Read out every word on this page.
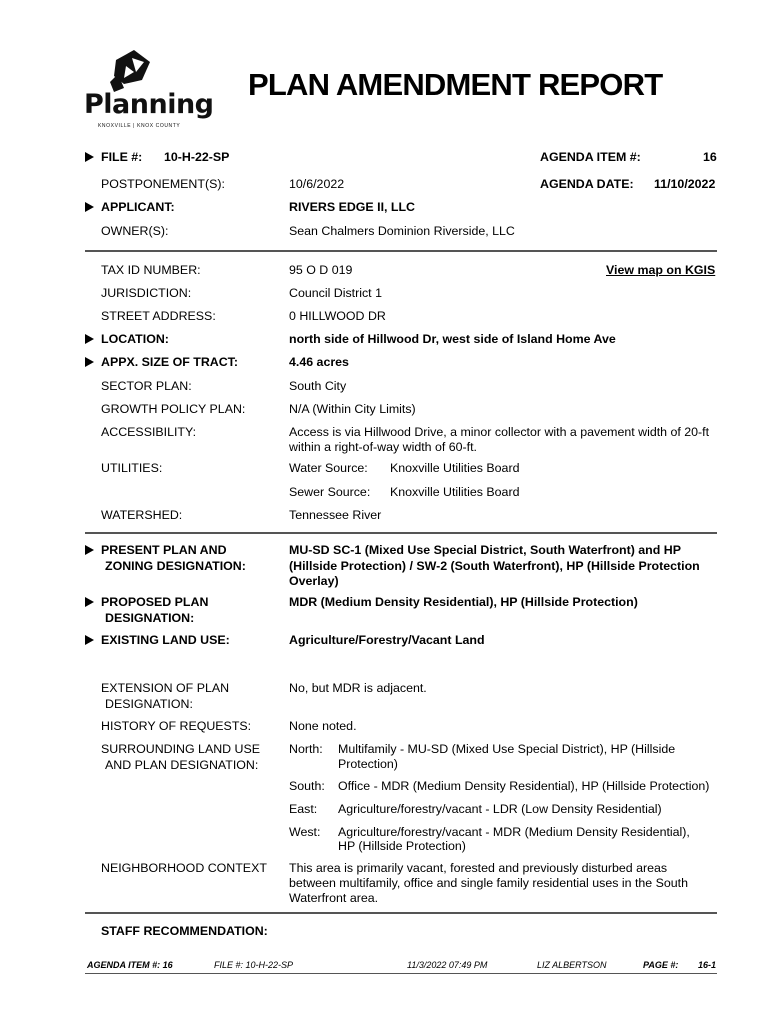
Planning
KNOXVILLE | KNOX COUNTY
PLAN AMENDMENT REPORT
FILE #: 10-H-22-SP	AGENDA ITEM #:	16
POSTPONEMENT(S):	10/6/2022	AGENDA DATE: 11/10/2022
APPLICANT:	RIVERS EDGE II, LLC
OWNER(S):	Sean Chalmers Dominion Riverside, LLC
TAX ID NUMBER:	95 O D 019	View map on KGIS
JURISDICTION:	Council District 1
STREET ADDRESS:	0 HILLWOOD DR
LOCATION:	north side of Hillwood Dr, west side of Island Home Ave
APPX. SIZE OF TRACT:	4.46 acres
SECTOR PLAN:	South City
GROWTH POLICY PLAN:	N/A (Within City Limits)
ACCESSIBILITY:	Access is via Hillwood Drive, a minor collector with a pavement width of 20-ft
within a right-of-way width of 60-ft.
UTILITIES:	Water Source: Knoxville Utilities Board
Sewer Source: Knoxville Utilities Board
WATERSHED:	Tennessee River
PRESENT PLAN AND
ZONING DESIGNATION:
MU-SD SC-1 (Mixed Use Special District, South Waterfront) and HP
(Hillside Protection) / SW-2 (South Waterfront), HP (Hillside Protection
Overlay)
PROPOSED PLAN
DESIGNATION:
MDR (Medium Density Residential), HP (Hillside Protection)
EXISTING LAND USE:	Agriculture/Forestry/Vacant Land
EXTENSION OF PLAN
DESIGNATION:
No, but MDR is adjacent.
HISTORY OF REQUESTS:	None noted.
SURROUNDING LAND USE
AND PLAN DESIGNATION:
North: Multifamily - MU-SD (Mixed Use Special District), HP (Hillside
Protection)
South: Office - MDR (Medium Density Residential), HP (Hillside Protection)
East: Agriculture/forestry/vacant - LDR (Low Density Residential)
West: Agriculture/forestry/vacant - MDR (Medium Density Residential),
HP (Hillside Protection)
NEIGHBORHOOD CONTEXT This area is primarily vacant, forested and previously disturbed areas
between multifamily, office and single family residential uses in the South
Waterfront area.
STAFF RECOMMENDATION:
AGENDA ITEM #: 16	FILE #: 10-H-22-SP	11/3/2022 07:49 PM	LIZ ALBERTSON	PAGE #: 16-1
